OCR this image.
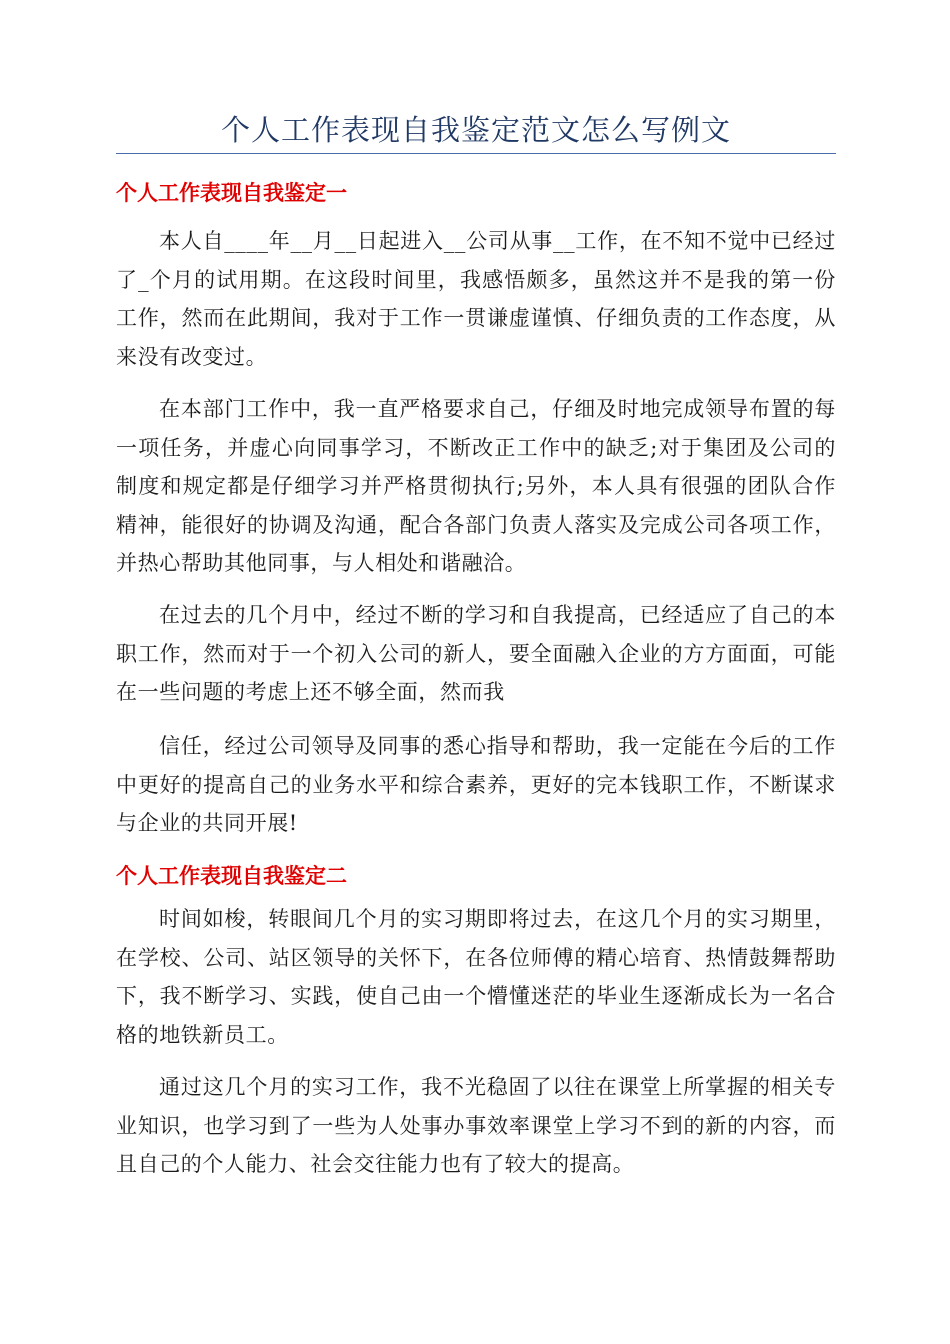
个人工作表现自我鉴定范文怎么写例文
个人工作表现自我鉴定一

本人自____年__月__日起进入__公司从事__工作，在不知不觉中已经过了_个月的试用期。在这段时间里，我感悟颇多，虽然这并不是我的第一份工作，然而在此期间，我对于工作一贯谦虚谨慎、仔细负责的工作态度，从来没有改变过。

在本部门工作中，我一直严格要求自己，仔细及时地完成领导布置的每一项任务，并虚心向同事学习，不断改正工作中的缺乏;对于集团及公司的制度和规定都是仔细学习并严格贯彻执行;另外，本人具有很强的团队合作精神，能很好的协调及沟通，配合各部门负责人落实及完成公司各项工作，并热心帮助其他同事，与人相处和谐融洽。

在过去的几个月中，经过不断的学习和自我提高，已经适应了自己的本职工作，然而对于一个初入公司的新人，要全面融入企业的方方面面，可能在一些问题的考虑上还不够全面，然而我

信任，经过公司领导及同事的悉心指导和帮助，我一定能在今后的工作中更好的提高自己的业务水平和综合素养，更好的完本钱职工作，不断谋求与企业的共同开展!

个人工作表现自我鉴定二

时间如梭，转眼间几个月的实习期即将过去，在这几个月的实习期里，在学校、公司、站区领导的关怀下，在各位师傅的精心培育、热情鼓舞帮助下，我不断学习、实践，使自己由一个懵懂迷茫的毕业生逐渐成长为一名合格的地铁新员工。

通过这几个月的实习工作，我不光稳固了以往在课堂上所掌握的相关专业知识，也学习到了一些为人处事办事效率课堂上学习不到的新的内容，而且自己的个人能力、社会交往能力也有了较大的提高。
